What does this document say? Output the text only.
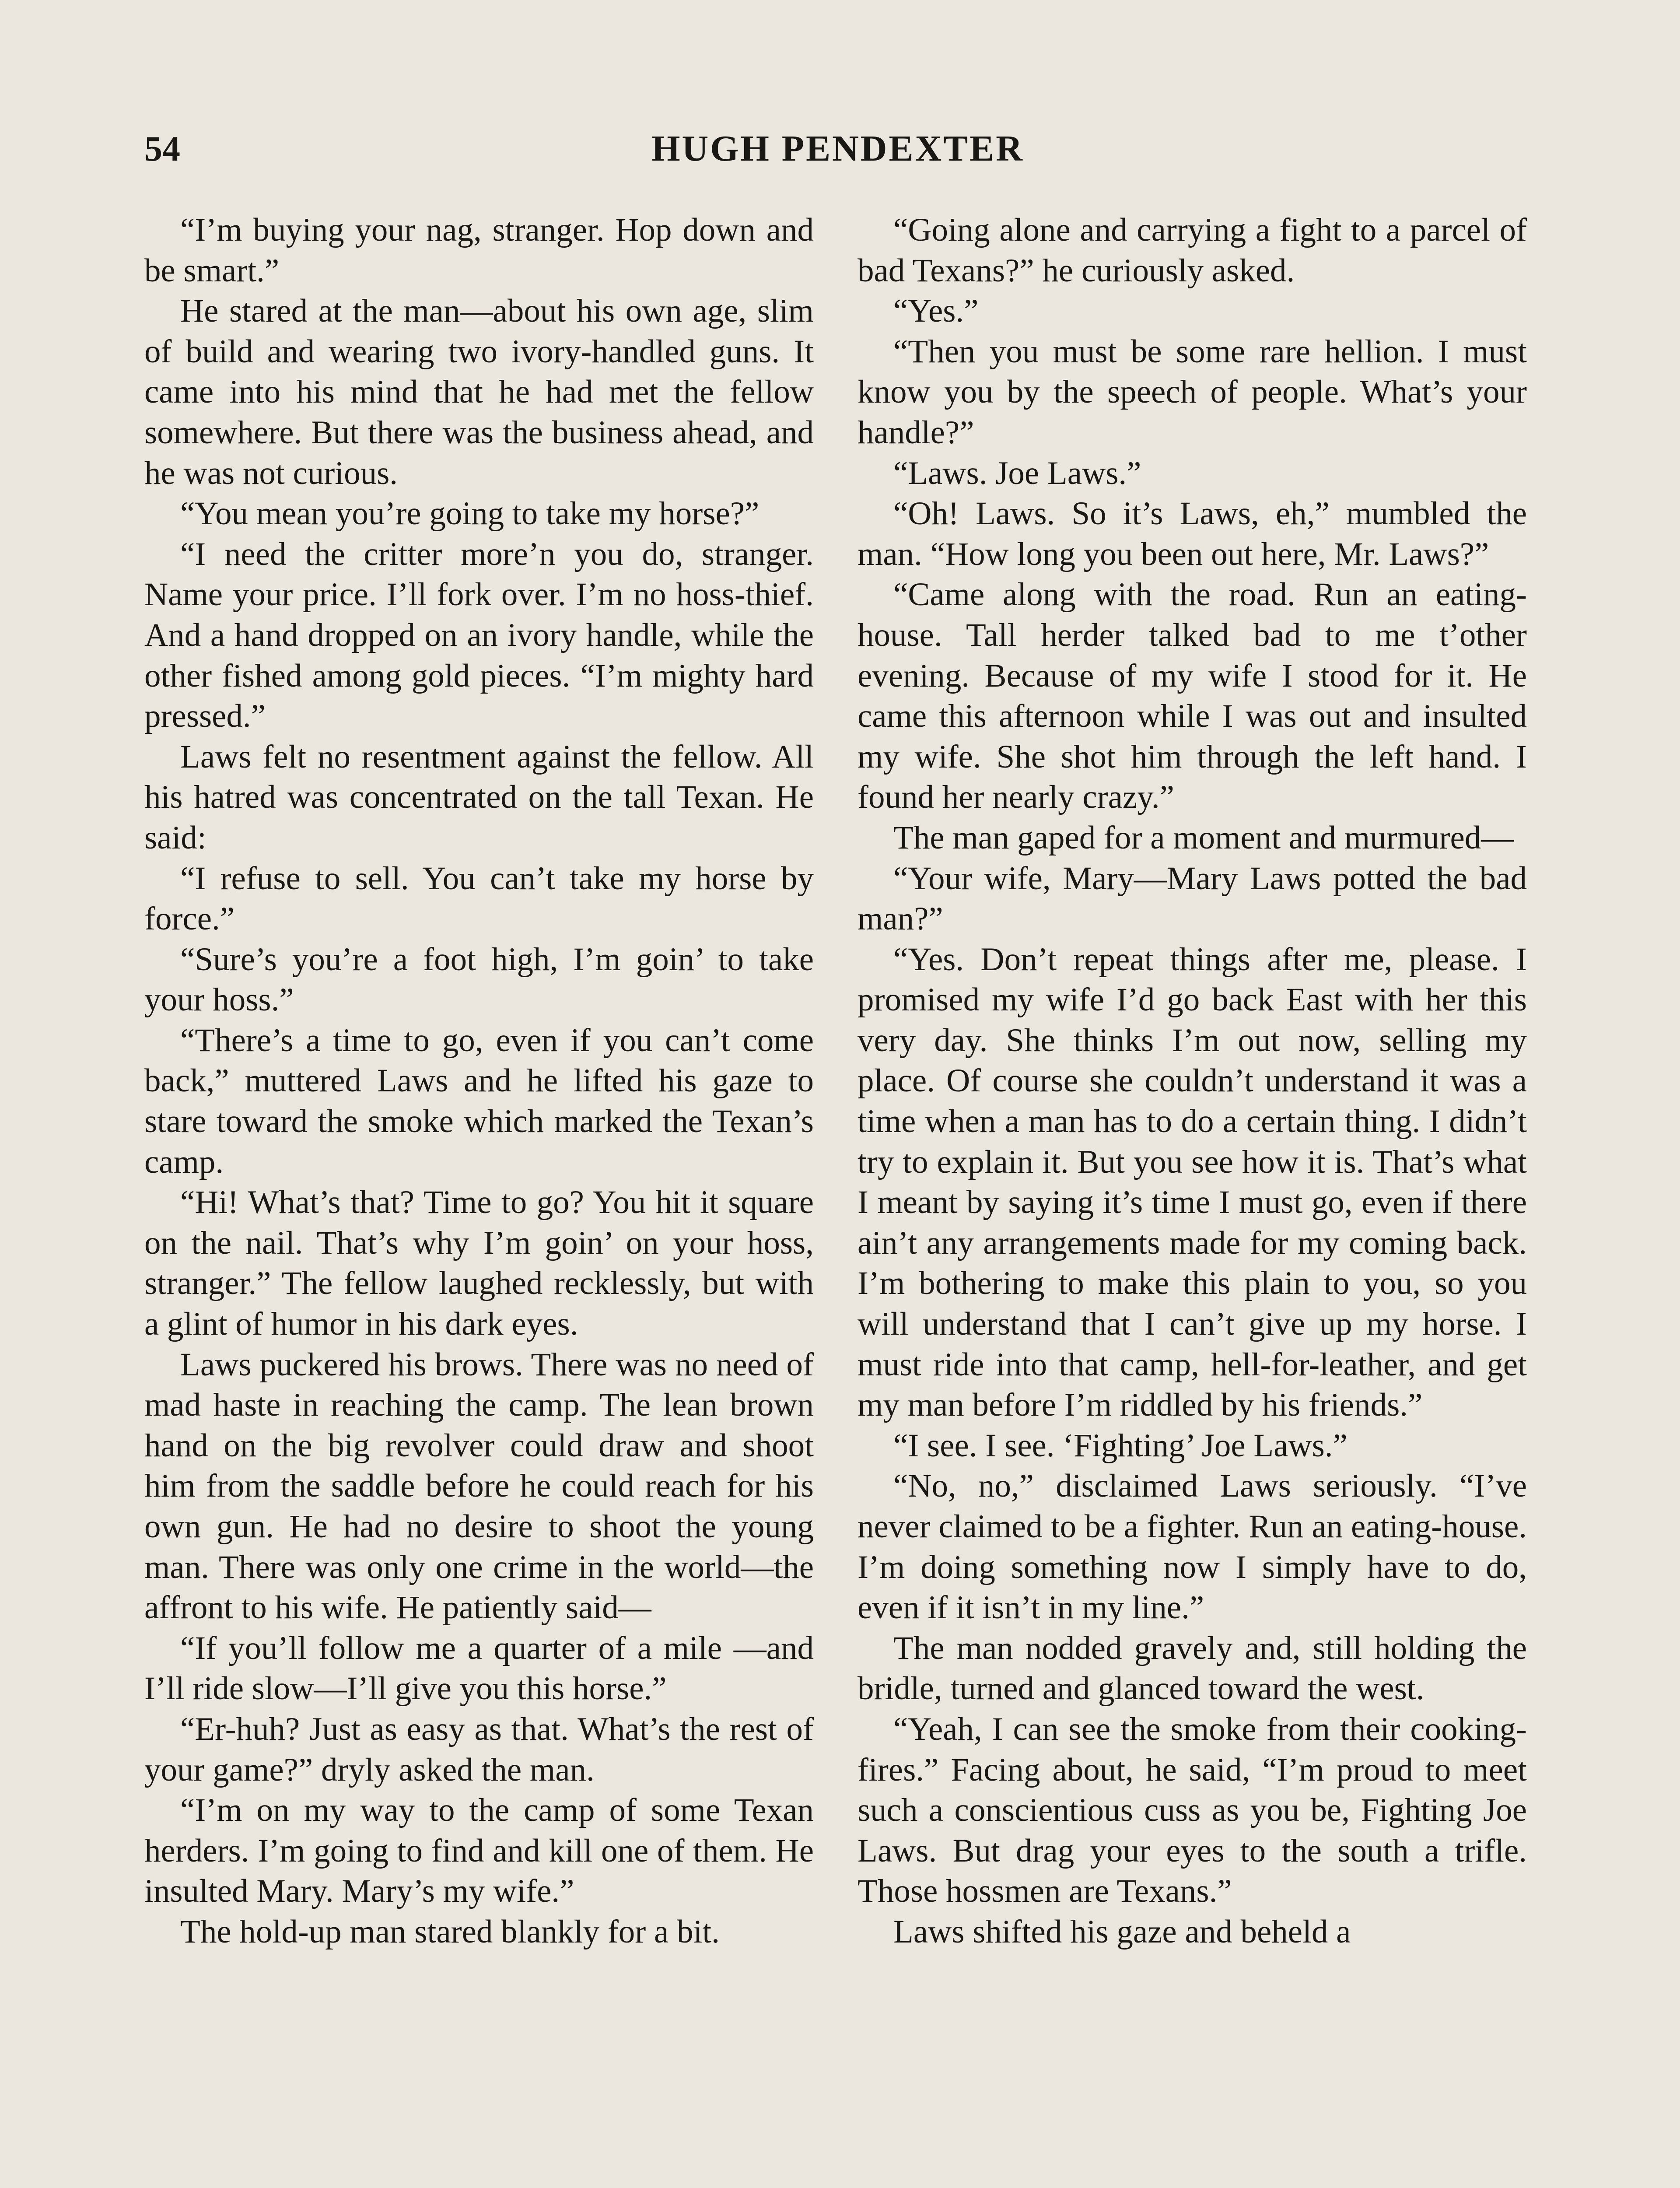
54	HUGH PENDEXTER

“I’m buying your nag, stranger. Hop down and be smart.”

He stared at the man—about his own age, slim of build and wearing two ivory-handled guns. It came into his mind that he had met the fellow somewhere. But there was the business ahead, and he was not curious.

“You mean you’re going to take my horse?”

“I need the critter more’n you do, stranger. Name your price. I’ll fork over. I’m no hoss-thief. And a hand dropped on an ivory handle, while the other fished among gold pieces. “I’m mighty hard pressed.”

Laws felt no resentment against the fellow. All his hatred was concentrated on the tall Texan. He said:

“I refuse to sell. You can’t take my horse by force.”

“Sure’s you’re a foot high, I’m goin’ to take your hoss.”

“There’s a time to go, even if you can’t come back,” muttered Laws and he lifted his gaze to stare toward the smoke which marked the Texan’s camp.

“Hi! What’s that? Time to go? You hit it square on the nail. That’s why I’m goin’ on your hoss, stranger.” The fellow laughed recklessly, but with a glint of humor in his dark eyes.

Laws puckered his brows. There was no need of mad haste in reaching the camp. The lean brown hand on the big revolver could draw and shoot him from the saddle before he could reach for his own gun. He had no desire to shoot the young man. There was only one crime in the world—the affront to his wife. He patiently said—

“If you’ll follow me a quarter of a mile —and I’ll ride slow—I’ll give you this horse.”

“Er-huh? Just as easy as that. What’s the rest of your game?” dryly asked the man.

“I’m on my way to the camp of some Texan herders. I’m going to find and kill one of them. He insulted Mary. Mary’s my wife.”

The hold-up man stared blankly for a bit.

“Going alone and carrying a fight to a parcel of bad Texans?” he curiously asked.

“Yes.”

“Then you must be some rare hellion. I must know you by the speech of people. What’s your handle?”

“Laws. Joe Laws.”

“Oh! Laws. So it’s Laws, eh,” mumbled the man. “How long you been out here, Mr. Laws?”

“Came along with the road. Run an eating-house. Tall herder talked bad to me t’other evening. Because of my wife I stood for it. He came this afternoon while I was out and insulted my wife. She shot him through the left hand. I found her nearly crazy.”

The man gaped for a moment and murmured—

“Your wife, Mary—Mary Laws potted the bad man?”

“Yes. Don’t repeat things after me, please. I promised my wife I’d go back East with her this very day. She thinks I’m out now, selling my place. Of course she couldn’t understand it was a time when a man has to do a certain thing. I didn’t try to explain it. But you see how it is. That’s what I meant by saying it’s time I must go, even if there ain’t any arrangements made for my coming back. I’m bothering to make this plain to you, so you will understand that I can’t give up my horse. I must ride into that camp, hell-for-leather, and get my man before I’m riddled by his friends.”

“I see. I see. ‘Fighting’ Joe Laws.”

“No, no,” disclaimed Laws seriously. “I’ve never claimed to be a fighter. Run an eating-house. I’m doing something now I simply have to do, even if it isn’t in my line.”

The man nodded gravely and, still holding the bridle, turned and glanced toward the west.

“Yeah, I can see the smoke from their cooking-fires.” Facing about, he said, “I’m proud to meet such a conscientious cuss as you be, Fighting Joe Laws. But drag your eyes to the south a trifle. Those hossmen are Texans.”

Laws shifted his gaze and beheld a
